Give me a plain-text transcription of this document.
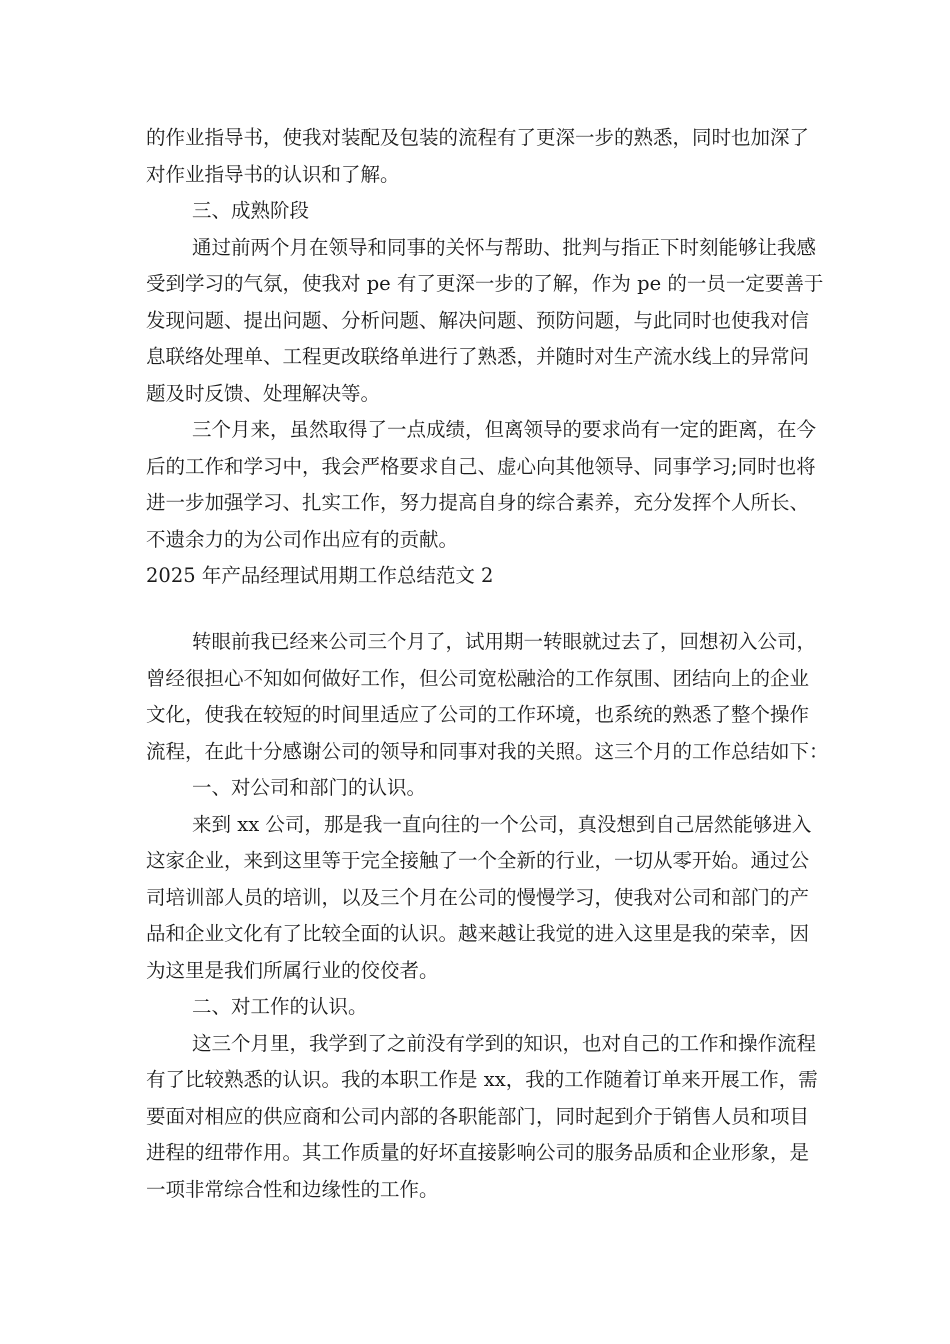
的作业指导书，使我对装配及包装的流程有了更深一步的熟悉，同时也加深了
对作业指导书的认识和了解。
三、成熟阶段
通过前两个月在领导和同事的关怀与帮助、批判与指正下时刻能够让我感
受到学习的气氛，使我对 pe 有了更深一步的了解，作为 pe 的一员一定要善于
发现问题、提出问题、分析问题、解决问题、预防问题，与此同时也使我对信
息联络处理单、工程更改联络单进行了熟悉，并随时对生产流水线上的异常问
题及时反馈、处理解决等。
三个月来，虽然取得了一点成绩，但离领导的要求尚有一定的距离，在今
后的工作和学习中，我会严格要求自己、虚心向其他领导、同事学习;同时也将
进一步加强学习、扎实工作，努力提高自身的综合素养，充分发挥个人所长、
不遗余力的为公司作出应有的贡献。
2025 年产品经理试用期工作总结范文 2
转眼前我已经来公司三个月了，试用期一转眼就过去了，回想初入公司，
曾经很担心不知如何做好工作，但公司宽松融洽的工作氛围、团结向上的企业
文化，使我在较短的时间里适应了公司的工作环境，也系统的熟悉了整个操作
流程，在此十分感谢公司的领导和同事对我的关照。这三个月的工作总结如下：
一、对公司和部门的认识。
来到 xx 公司，那是我一直向往的一个公司，真没想到自己居然能够进入
这家企业，来到这里等于完全接触了一个全新的行业，一切从零开始。通过公
司培训部人员的培训，以及三个月在公司的慢慢学习，使我对公司和部门的产
品和企业文化有了比较全面的认识。越来越让我觉的进入这里是我的荣幸，因
为这里是我们所属行业的佼佼者。
二、对工作的认识。
这三个月里，我学到了之前没有学到的知识，也对自己的工作和操作流程
有了比较熟悉的认识。我的本职工作是 xx，我的工作随着订单来开展工作，需
要面对相应的供应商和公司内部的各职能部门，同时起到介于销售人员和项目
进程的纽带作用。其工作质量的好坏直接影响公司的服务品质和企业形象，是
一项非常综合性和边缘性的工作。
